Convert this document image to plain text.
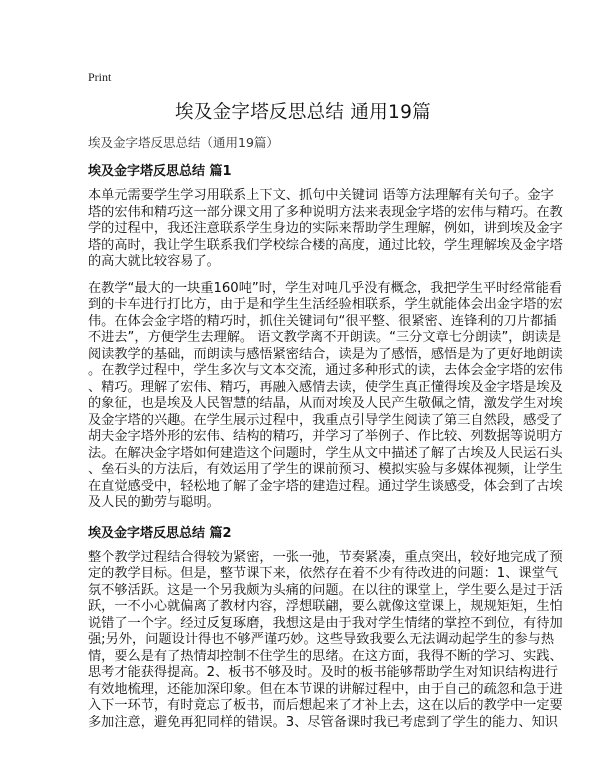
Print
埃及金字塔反思总结 通用19篇
埃及金字塔反思总结（通用19篇）
埃及金字塔反思总结 篇1
本单元需要学生学习用联系上下文、抓句中关键词 语等方法理解有关句子。金字
塔的宏伟和精巧这一部分课文用了多种说明方法来表现金字塔的宏伟与精巧。在教
学的过程中，我还注意联系学生身边的实际来帮助学生理解，例如，讲到埃及金字
塔的高时，我让学生联系我们学校综合楼的高度，通过比较，学生理解埃及金字塔
的高大就比较容易了。
在教学“最大的一块重160吨”时，学生对吨几乎没有概念，我把学生平时经常能看
到的卡车进行打比方，由于是和学生生活经验相联系，学生就能体会出金字塔的宏
伟。在体会金字塔的精巧时，抓住关键词句“很平整、很紧密、连锋利的刀片都插
不进去”，方便学生去理解。 语文教学离不开朗读。“三分文章七分朗读”，朗读是
阅读教学的基础，而朗读与感悟紧密结合，读是为了感悟，感悟是为了更好地朗读
。在教学过程中，学生多次与文本交流，通过多种形式的读，去体会金字塔的宏伟
、精巧。理解了宏伟、精巧，再融入感情去读，使学生真正懂得埃及金字塔是埃及
的象征，也是埃及人民智慧的结晶，从而对埃及人民产生敬佩之情，激发学生对埃
及金字塔的兴趣。在学生展示过程中，我重点引导学生阅读了第三自然段，感受了
胡夫金字塔外形的宏伟、结构的精巧，并学习了举例子、作比较、列数据等说明方
法。在解决金字塔如何建造这个问题时，学生从文中描述了解了古埃及人民运石头
、垒石头的方法后，有效运用了学生的课前预习、模拟实验与多媒体视频，让学生
在直觉感受中，轻松地了解了金字塔的建造过程。通过学生谈感受，体会到了古埃
及人民的勤劳与聪明。
埃及金字塔反思总结 篇2
整个教学过程结合得较为紧密，一张一弛，节奏紧凑，重点突出，较好地完成了预
定的教学目标。但是，整节课下来，依然存在着不少有待改进的问题：1、课堂气
氛不够活跃。这是一个另我颇为头痛的问题。在以往的课堂上，学生要么是过于活
跃，一不小心就偏离了教材内容，浮想联翩，要么就像这堂课上，规规矩矩，生怕
说错了一个字。经过反复琢磨，我想这是由于我对学生情绪的掌控不到位，有待加
强;另外，问题设计得也不够严谨巧妙。这些导致我要么无法调动起学生的参与热
情，要么是有了热情却控制不住学生的思绪。在这方面，我得不断的学习、实践、
思考才能获得提高。2、板书不够及时。及时的板书能够帮助学生对知识结构进行
有效地梳理，还能加深印象。但在本节课的讲解过程中，由于自己的疏忽和急于进
入下一环节，有时竟忘了板书，而后想起来了才补上去，这在以后的教学中一定要
多加注意，避免再犯同样的错误。3、尽管备课时我已考虑到了学生的能力、知识
